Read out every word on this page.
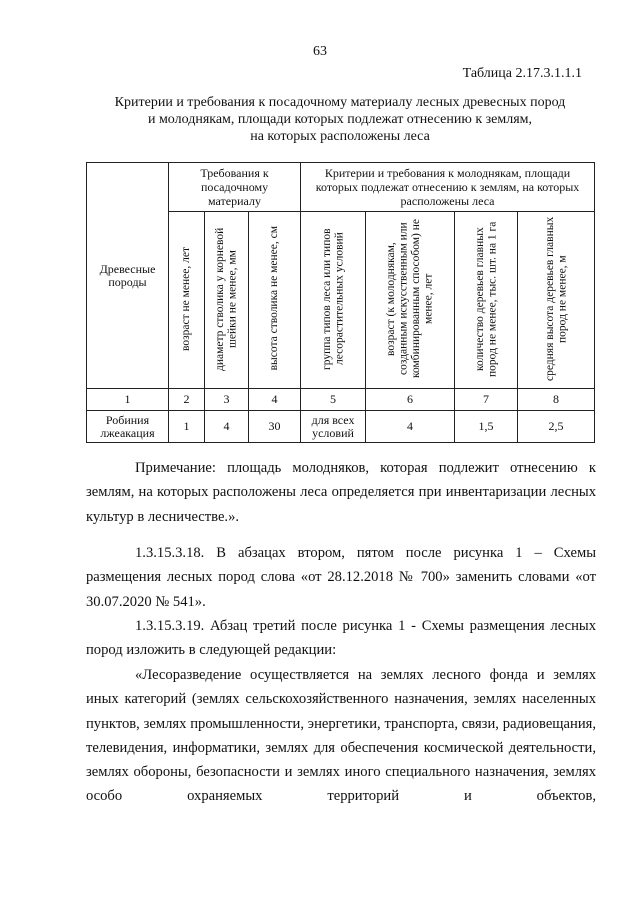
63
Таблица 2.17.3.1.1.1
Критерии и требования к посадочному материалу лесных древесных пород
и молоднякам, площади которых подлежат отнесению к землям,
на которых расположены леса
Древесные породы	Требования к посадочному материалу			Критерии и требования к молоднякам, площади которых подлежат отнесению к землям, на которых расположены леса			
	возраст не менее, лет	диаметр стволика у корневой шейки не менее, мм	высота стволика не менее, см	группа типов леса или типов лесорастительных условий	возраст (к молоднякам, созданным искусственным или комбинированным способом) не менее, лет	количество деревьев главных пород не менее, тыс. шт. на 1 га	средняя высота деревьев главных пород не менее, м
1	2	3	4	5	6	7	8
Робиния лжеакация	1	4	30	для всех условий	4	1,5	2,5

Примечание: площадь молодняков, которая подлежит отнесению к землям, на которых расположены леса определяется при инвентаризации лесных культур в лесничестве.».

1.3.15.3.18. В абзацах втором, пятом после рисунка 1 – Схемы размещения лесных пород слова «от 28.12.2018 № 700» заменить словами «от 30.07.2020 № 541».

1.3.15.3.19. Абзац третий после рисунка 1 - Схемы размещения лесных пород изложить в следующей редакции:

«Лесоразведение осуществляется на землях лесного фонда и землях иных категорий (землях сельскохозяйственного назначения, землях населенных пунктов, землях промышленности, энергетики, транспорта, связи, радиовещания, телевидения, информатики, землях для обеспечения космической деятельности, землях обороны, безопасности и землях иного специального назначения, землях особо охраняемых территорий и объектов,
